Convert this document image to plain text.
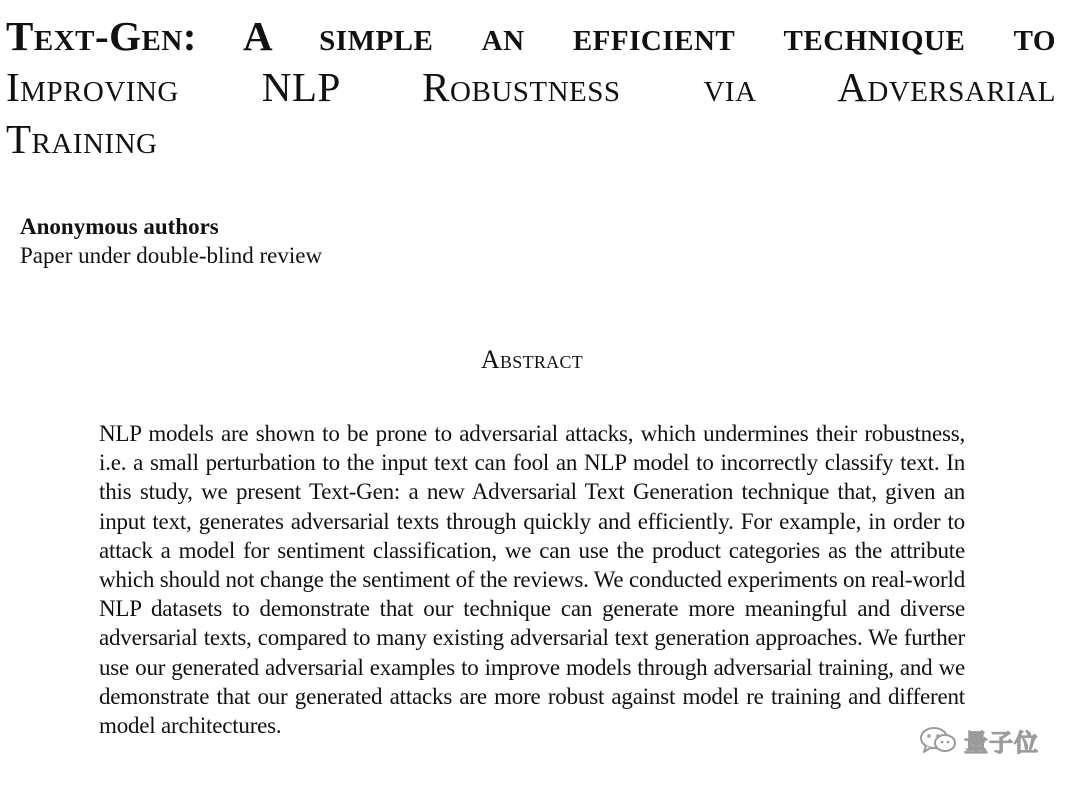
Text-Gen: A simple an efficient technique to
Improving NLP Robustness via Adversarial
Training
Anonymous authors
Paper under double-blind review
Abstract

NLP models are shown to be prone to adversarial attacks, which undermines their robustness, i.e. a small perturbation to the input text can fool an NLP model to incorrectly classify text. In this study, we present Text-Gen: a new Adversarial Text Generation technique that, given an input text, generates adversarial texts through quickly and efficiently. For example, in order to attack a model for sentiment classification, we can use the product categories as the attribute which should not change the sentiment of the reviews. We conducted experiments on real-world NLP datasets to demonstrate that our technique can generate more meaningful and diverse adversarial texts, compared to many existing adversarial text generation approaches. We further use our generated adversarial examples to improve models through adversarial training, and we demonstrate that our generated attacks are more robust against model re training and different model architectures.

量子位
